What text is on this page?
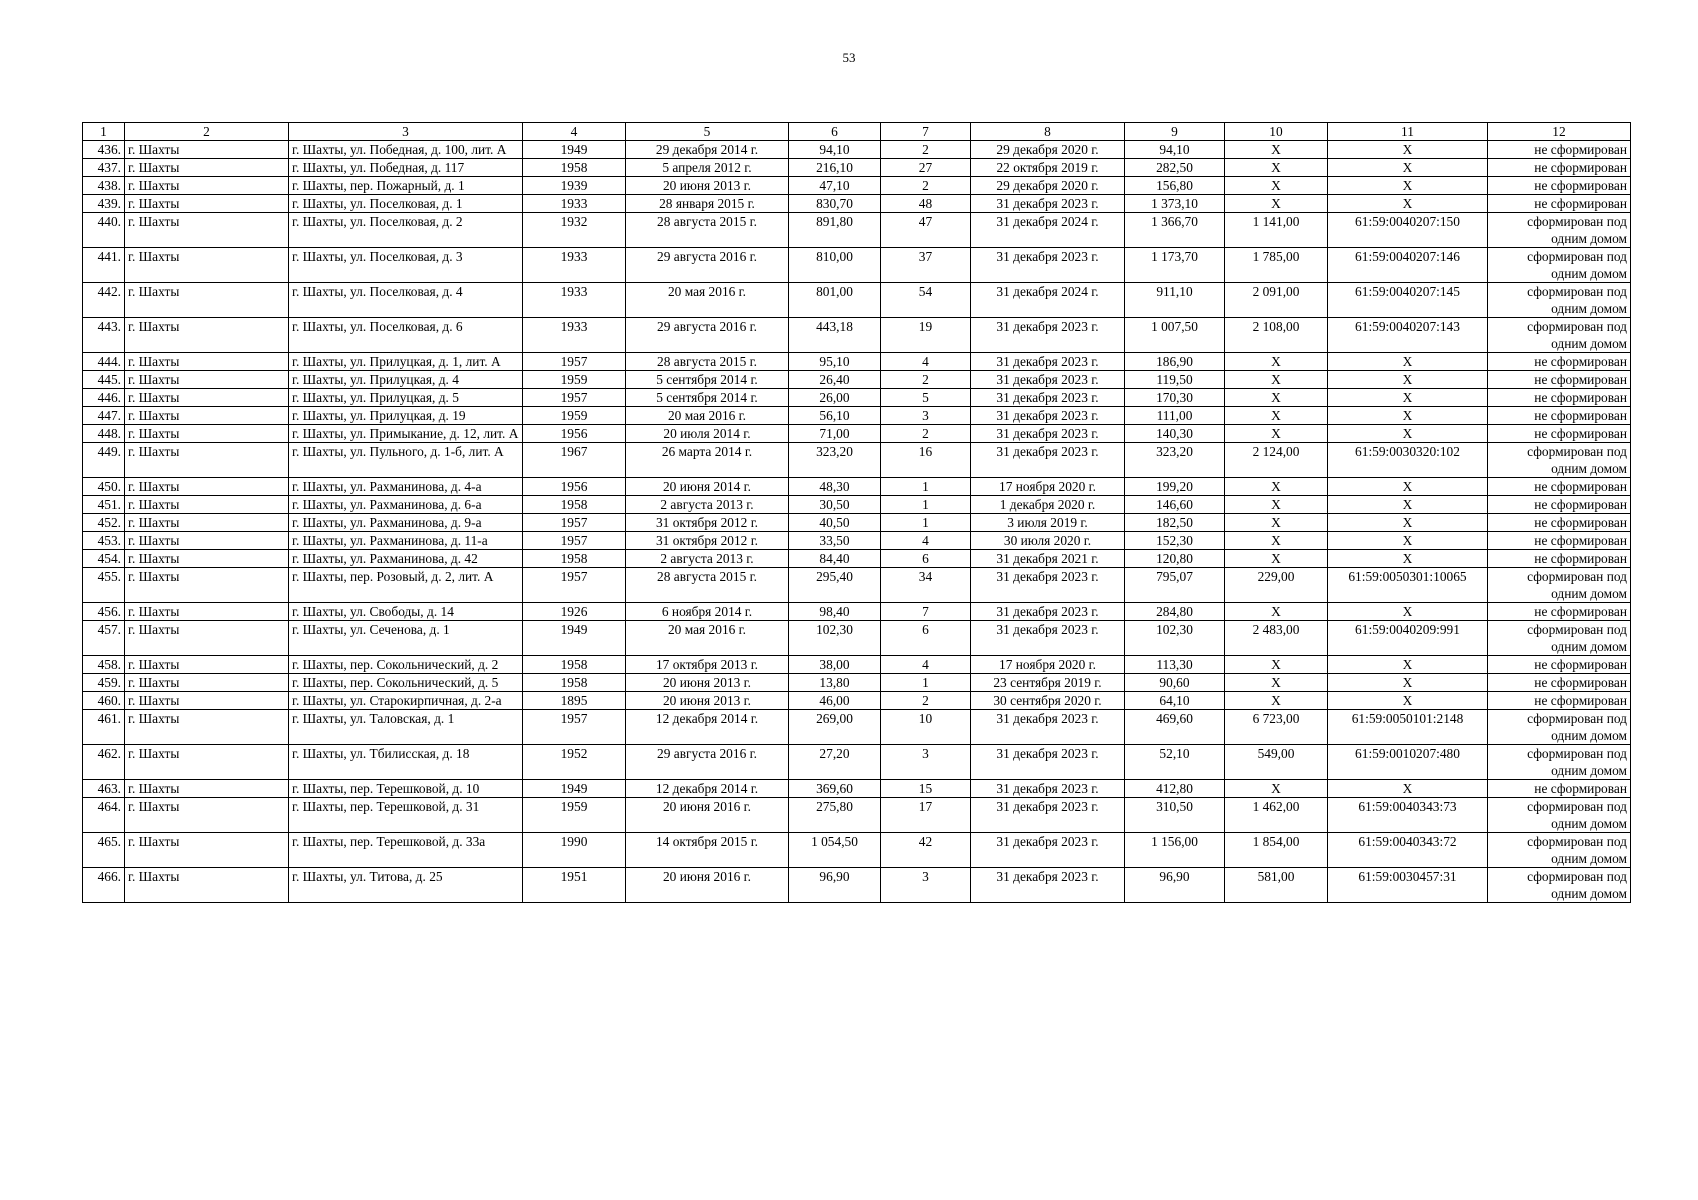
53
1	2	3	4	5	6	7	8	9	10	11	12
436.	г. Шахты	г. Шахты, ул. Победная, д. 100, лит. А	1949	29 декабря 2014 г.	94,10	2	29 декабря 2020 г.	94,10	X	X	не сформирован
437.	г. Шахты	г. Шахты, ул. Победная, д. 117	1958	5 апреля 2012 г.	216,10	27	22 октября 2019 г.	282,50	X	X	не сформирован
438.	г. Шахты	г. Шахты, пер. Пожарный, д. 1	1939	20 июня 2013 г.	47,10	2	29 декабря 2020 г.	156,80	X	X	не сформирован
439.	г. Шахты	г. Шахты, ул. Поселковая, д. 1	1933	28 января 2015 г.	830,70	48	31 декабря 2023 г.	1 373,10	X	X	не сформирован
440.	г. Шахты	г. Шахты, ул. Поселковая, д. 2	1932	28 августа 2015 г.	891,80	47	31 декабря 2024 г.	1 366,70	1 141,00	61:59:0040207:150	сформирован под одним домом
441.	г. Шахты	г. Шахты, ул. Поселковая, д. 3	1933	29 августа 2016 г.	810,00	37	31 декабря 2023 г.	1 173,70	1 785,00	61:59:0040207:146	сформирован под одним домом
442.	г. Шахты	г. Шахты, ул. Поселковая, д. 4	1933	20 мая 2016 г.	801,00	54	31 декабря 2024 г.	911,10	2 091,00	61:59:0040207:145	сформирован под одним домом
443.	г. Шахты	г. Шахты, ул. Поселковая, д. 6	1933	29 августа 2016 г.	443,18	19	31 декабря 2023 г.	1 007,50	2 108,00	61:59:0040207:143	сформирован под одним домом
444.	г. Шахты	г. Шахты, ул. Прилуцкая, д. 1, лит. А	1957	28 августа 2015 г.	95,10	4	31 декабря 2023 г.	186,90	X	X	не сформирован
445.	г. Шахты	г. Шахты, ул. Прилуцкая, д. 4	1959	5 сентября 2014 г.	26,40	2	31 декабря 2023 г.	119,50	X	X	не сформирован
446.	г. Шахты	г. Шахты, ул. Прилуцкая, д. 5	1957	5 сентября 2014 г.	26,00	5	31 декабря 2023 г.	170,30	X	X	не сформирован
447.	г. Шахты	г. Шахты, ул. Прилуцкая, д. 19	1959	20 мая 2016 г.	56,10	3	31 декабря 2023 г.	111,00	X	X	не сформирован
448.	г. Шахты	г. Шахты, ул. Примыкание, д. 12, лит. А	1956	20 июля 2014 г.	71,00	2	31 декабря 2023 г.	140,30	X	X	не сформирован
449.	г. Шахты	г. Шахты, ул. Пульного, д. 1-б, лит. А	1967	26 марта 2014 г.	323,20	16	31 декабря 2023 г.	323,20	2 124,00	61:59:0030320:102	сформирован под одним домом
450.	г. Шахты	г. Шахты, ул. Рахманинова, д. 4-а	1956	20 июня 2014 г.	48,30	1	17 ноября 2020 г.	199,20	X	X	не сформирован
451.	г. Шахты	г. Шахты, ул. Рахманинова, д. 6-а	1958	2 августа 2013 г.	30,50	1	1 декабря 2020 г.	146,60	X	X	не сформирован
452.	г. Шахты	г. Шахты, ул. Рахманинова, д. 9-а	1957	31 октября 2012 г.	40,50	1	3 июля 2019 г.	182,50	X	X	не сформирован
453.	г. Шахты	г. Шахты, ул. Рахманинова, д. 11-а	1957	31 октября 2012 г.	33,50	4	30 июля 2020 г.	152,30	X	X	не сформирован
454.	г. Шахты	г. Шахты, ул. Рахманинова, д. 42	1958	2 августа 2013 г.	84,40	6	31 декабря 2021 г.	120,80	X	X	не сформирован
455.	г. Шахты	г. Шахты, пер. Розовый, д. 2, лит. А	1957	28 августа 2015 г.	295,40	34	31 декабря 2023 г.	795,07	229,00	61:59:0050301:10065	сформирован под одним домом
456.	г. Шахты	г. Шахты, ул. Свободы, д. 14	1926	6 ноября 2014 г.	98,40	7	31 декабря 2023 г.	284,80	X	X	не сформирован
457.	г. Шахты	г. Шахты, ул. Сеченова, д. 1	1949	20 мая 2016 г.	102,30	6	31 декабря 2023 г.	102,30	2 483,00	61:59:0040209:991	сформирован под одним домом
458.	г. Шахты	г. Шахты, пер. Сокольнический, д. 2	1958	17 октября 2013 г.	38,00	4	17 ноября 2020 г.	113,30	X	X	не сформирован
459.	г. Шахты	г. Шахты, пер. Сокольнический, д. 5	1958	20 июня 2013 г.	13,80	1	23 сентября 2019 г.	90,60	X	X	не сформирован
460.	г. Шахты	г. Шахты, ул. Старокирпичная, д. 2-а	1895	20 июня 2013 г.	46,00	2	30 сентября 2020 г.	64,10	X	X	не сформирован
461.	г. Шахты	г. Шахты, ул. Таловская, д. 1	1957	12 декабря 2014 г.	269,00	10	31 декабря 2023 г.	469,60	6 723,00	61:59:0050101:2148	сформирован под одним домом
462.	г. Шахты	г. Шахты, ул. Тбилисская, д. 18	1952	29 августа 2016 г.	27,20	3	31 декабря 2023 г.	52,10	549,00	61:59:0010207:480	сформирован под одним домом
463.	г. Шахты	г. Шахты, пер. Терешковой, д. 10	1949	12 декабря 2014 г.	369,60	15	31 декабря 2023 г.	412,80	X	X	не сформирован
464.	г. Шахты	г. Шахты, пер. Терешковой, д. 31	1959	20 июня 2016 г.	275,80	17	31 декабря 2023 г.	310,50	1 462,00	61:59:0040343:73	сформирован под одним домом
465.	г. Шахты	г. Шахты, пер. Терешковой, д. 33а	1990	14 октября 2015 г.	1 054,50	42	31 декабря 2023 г.	1 156,00	1 854,00	61:59:0040343:72	сформирован под одним домом
466.	г. Шахты	г. Шахты, ул. Титова, д. 25	1951	20 июня 2016 г.	96,90	3	31 декабря 2023 г.	96,90	581,00	61:59:0030457:31	сформирован под одним домом
